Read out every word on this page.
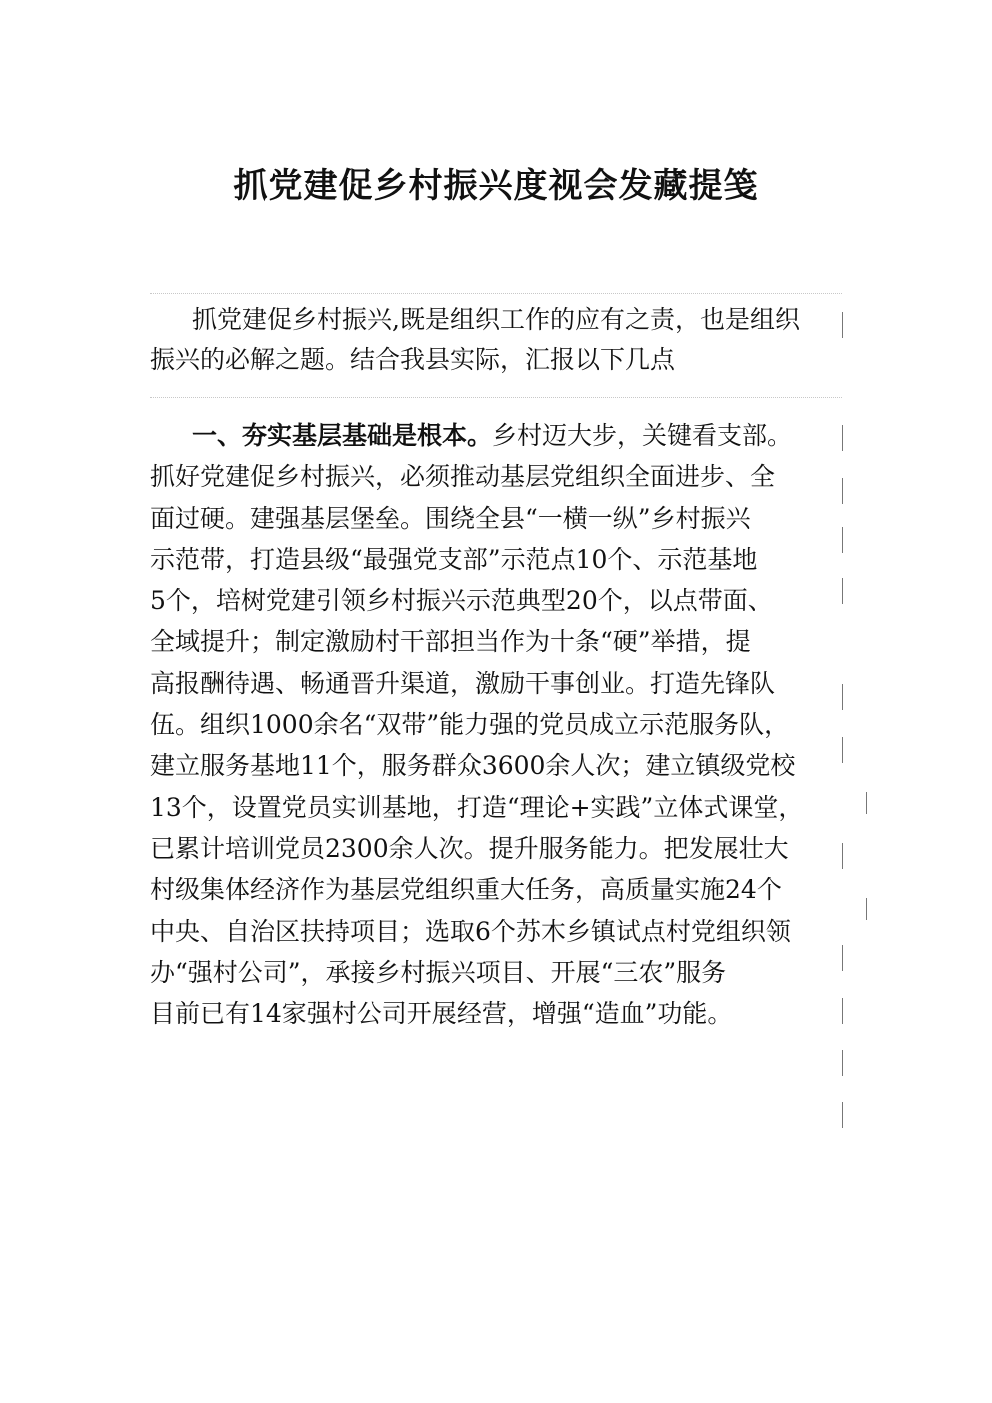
抓党建促乡村振兴度视会发藏提笺

抓党建促乡村振兴,既是组织工作的应有之责，也是组织
振兴的必解之题。结合我县实际，汇报以下几点

一、夯实基层基础是根本。乡村迈大步，关键看支部。
抓好党建促乡村振兴，必须推动基层党组织全面进步、全
面过硬。建强基层堡垒。围绕全县“一横一纵”乡村振兴
示范带，打造县级“最强党支部”示范点10个、示范基地
5个，培树党建引领乡村振兴示范典型20个，以点带面、
全域提升；制定激励村干部担当作为十条“硬”举措，提
高报酬待遇、畅通晋升渠道，激励干事创业。打造先锋队
伍。组织1000余名“双带”能力强的党员成立示范服务队，
建立服务基地11个，服务群众3600余人次；建立镇级党校
13个，设置党员实训基地，打造“理论+实践”立体式课堂，
已累计培训党员2300余人次。提升服务能力。把发展壮大
村级集体经济作为基层党组织重大任务，高质量实施24个
中央、自治区扶持项目；选取6个苏木乡镇试点村党组织领
办“强村公司”，承接乡村振兴项目、开展“三农”服务
目前已有14家强村公司开展经营，增强“造血”功能。
